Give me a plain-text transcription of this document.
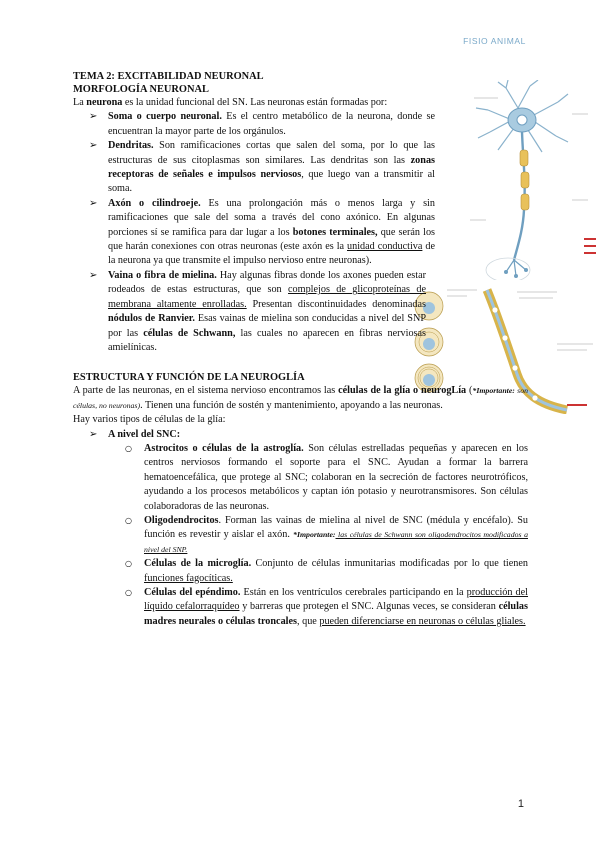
FISIO ANIMAL

TEMA 2: EXCITABILIDAD NEURONAL

MORFOLOGÍA NEURONAL

La neurona es la unidad funcional del SN. Las neuronas están formadas por:

➢ Soma o cuerpo neuronal. Es el centro metabólico de la neurona, donde se encuentran la mayor parte de los orgánulos.
➢ Dendritas. Son ramificaciones cortas que salen del soma, por lo que las estructuras de sus citoplasmas son similares. Las dendritas son las zonas receptoras de señales e impulsos nerviosos, que luego van a transmitir al soma.
➢ Axón o cilindroeje. Es una prolongación más o menos larga y sin ramificaciones que sale del soma a través del cono axónico. En algunas porciones sí se ramifica para dar lugar a los botones terminales, que serán los que harán conexiones con otras neuronas (este axón es la unidad conductiva de la neurona ya que transmite el impulso nervioso entre neuronas).
➢ Vaina o fibra de mielina. Hay algunas fibras donde los axones pueden estar rodeados de estas estructuras, que son complejos de glicoproteínas de membrana altamente enrolladas. Presentan discontinuidades denominadas nódulos de Ranvier. Esas vainas de mielina son conducidas a nivel del SNP por las células de Schwann, las cuales no aparecen en fibras nerviosas amielínicas.

ESTRUCTURA Y FUNCIÓN DE LA NEUROGLÍA

A parte de las neuronas, en el sistema nervioso encontramos las células de la glía o neurogLía (*Importante: son células, no neuronas). Tienen una función de sostén y mantenimiento, apoyando a las neuronas.

Hay varios tipos de células de la glía:

➢ A nivel del SNC:
○ Astrocitos o células de la astroglía. Son células estrelladas pequeñas y aparecen en los centros nerviosos formando el soporte para el SNC. Ayudan a formar la barrera hematoencefálica, que protege al SNC; colaboran en la secreción de factores neurotróficos, ayudando a los procesos metabólicos y captan ión potasio y neurotransmisores. Son células colaboradoras de las neuronas.
○ Oligodendrocitos. Forman las vainas de mielina al nivel de SNC (médula y encéfalo). Su función es revestir y aislar el axón. *Importante: las células de Schwann son oligodendrocitos modificados a nivel del SNP.
○ Células de la microglía. Conjunto de células inmunitarias modificadas por lo que tienen funciones fagocíticas.
○ Células del epéndimo. Están en los ventrículos cerebrales participando en la producción del líquido cefalorraquídeo y barreras que protegen el SNC. Algunas veces, se consideran células madres neurales o células troncales, que pueden diferenciarse en neuronas o células gliales.
1
